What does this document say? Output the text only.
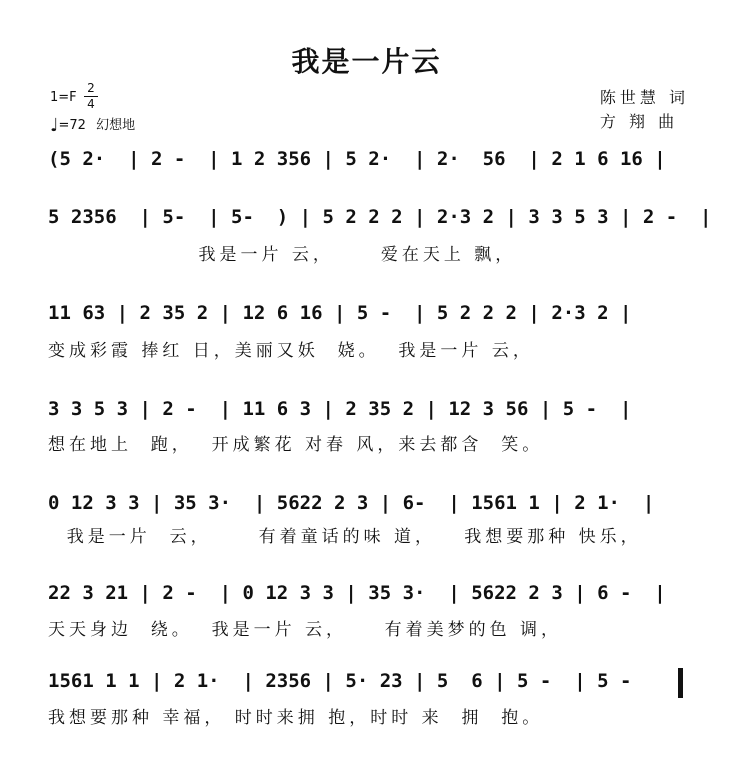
我是一片云
1=F
2
4
♩=72 幻想地
陈世慧 词
方 翔 曲
(5 2·  | 2 -  | 1 2 356 | 5 2·  | 2·  56  | 2 1 6 16 |
5 2356  | 5-  | 5-  ) | 5 2 2 2 | 2·3 2 | 3 3 5 3 | 2 -  |
我是一片 云，     爱在天上 飘，
11 63 | 2 35 2 | 12 6 16 | 5 -  | 5 2 2 2 | 2·3 2 |
变成彩霞 捧红 日，美丽又妖  娆。  我是一片 云，
3 3 5 3 | 2 -  | 11 6 3 | 2 35 2 | 12 3 56 | 5 -  |
想在地上  跑，  开成繁花 对春 风，来去都含  笑。
0 12 3 3 | 35 3·  | 5622 2 3 | 6-  | 1561 1 | 2 1·  |
我是一片  云，     有着童话的味 道，   我想要那种 快乐，
22 3 21 | 2 -  | 0 12 3 3 | 35 3·  | 5622 2 3 | 6 -  |
天天身边  绕。  我是一片 云，    有着美梦的色 调，
1561 1 1 | 2 1·  | 2356 | 5· 23 | 5  6 | 5 -  | 5 -
我想要那种 幸福， 时时来拥 抱，时时 来  拥  抱。
